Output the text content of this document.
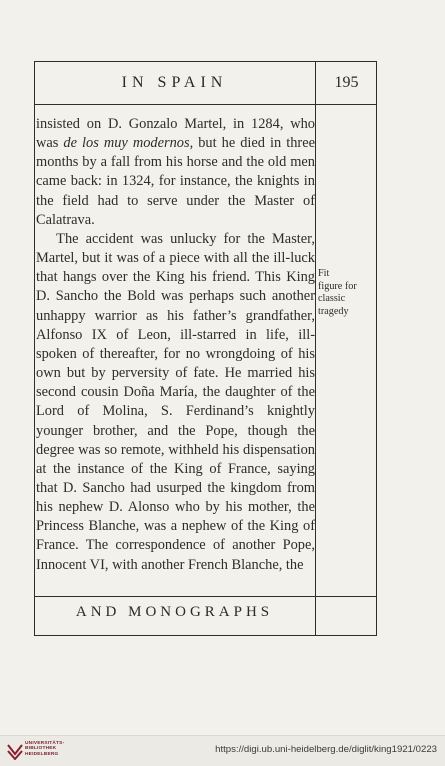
IN SPAIN	195

insisted on D. Gonzalo Martel, in 1284, who was de los muy modernos, but he died in three months by a fall from his horse and the old men came back: in 1324, for instance, the knights in the field had to serve under the Master of Calatrava.

The accident was unlucky for the Master, Martel, but it was of a piece with all the ill-luck that hangs over the King his friend. This King D. Sancho the Bold was perhaps such another unhappy warrior as his father’s grandfather, Alfonso IX of Leon, ill-starred in life, ill-spoken of thereafter, for no wrongdoing of his own but by perversity of fate. He married his second cousin Doña María, the daughter of the Lord of Molina, S. Ferdinand’s knightly younger brother, and the Pope, though the degree was so remote, withheld his dispensation at the instance of the King of France, saying that D. Sancho had usurped the kingdom from his nephew D. Alonso who by his mother, the Princess Blanche, was a nephew of the King of France. The correspondence of another Pope, Innocent VI, with another French Blanche, the

Fit
figure for
classic
tragedy
AND MONOGRAPHS
UNIVERSITÄTS-
BIBLIOTHEK
HEIDELBERG	https://digi.ub.uni-heidelberg.de/diglit/king1921/0223
